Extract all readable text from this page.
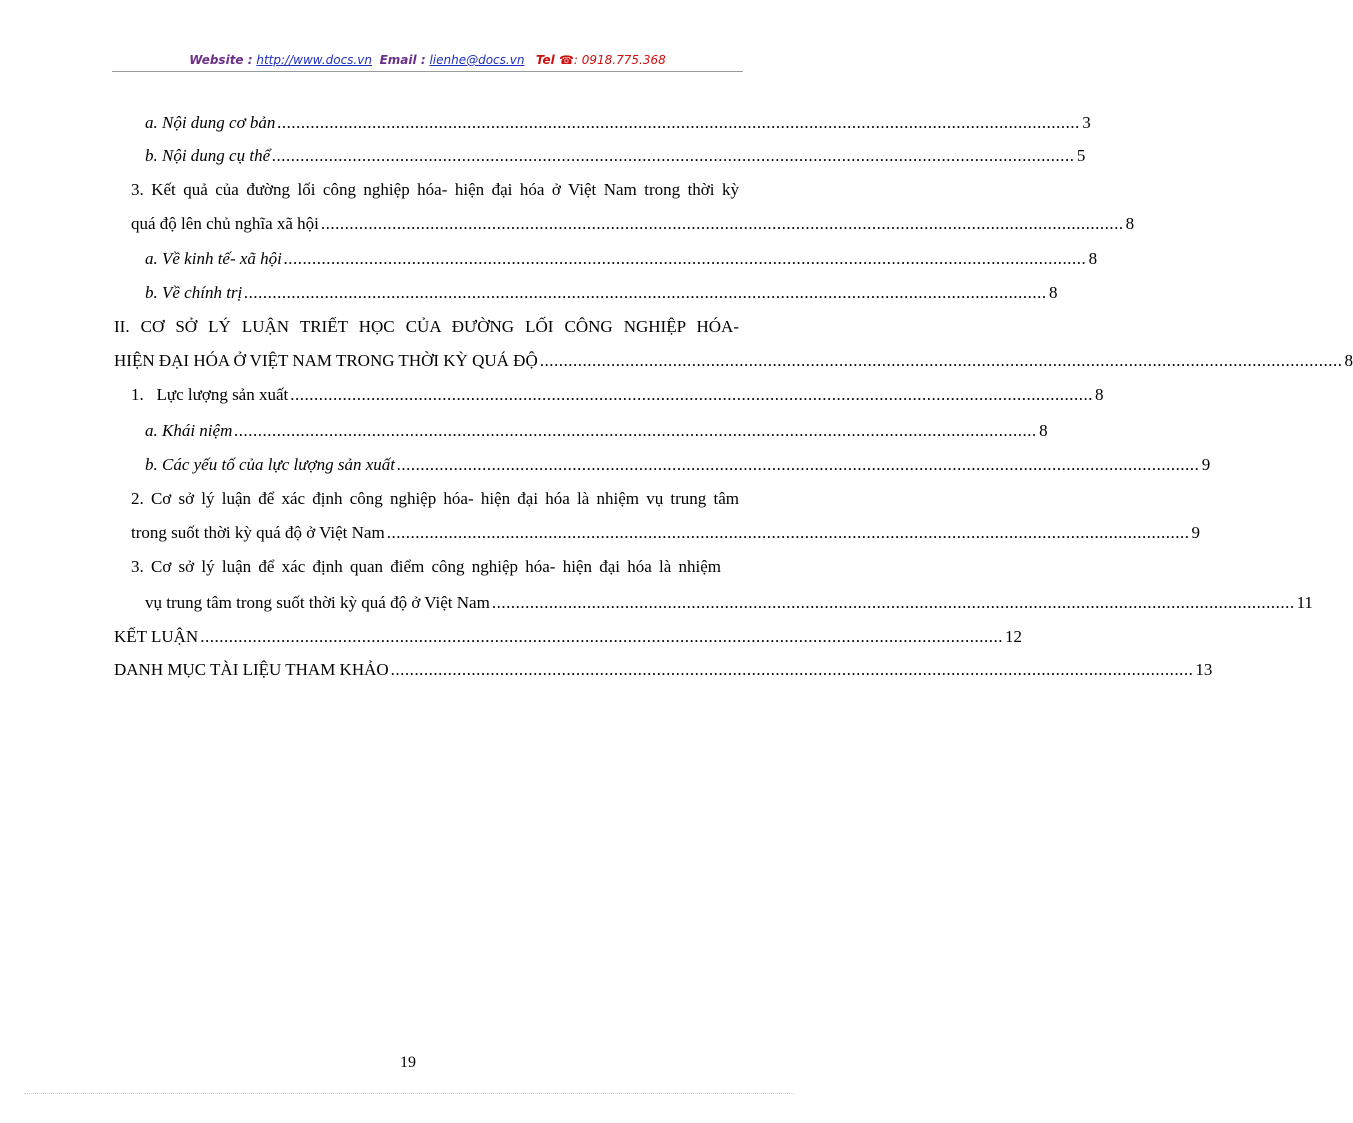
Website : http://www.docs.vn Email : lienhe@docs.vn Tel ☎: 0918.775.368
a. Nội dung cơ bản ......................................................................................................................................................................... 3
b. Nội dung cụ thể ......................................................................................................................................................................... 5
3. Kết quả của đường lối công nghiệp hóa- hiện đại hóa ở Việt Nam trong thời kỳ
quá độ lên chủ nghĩa xã hội ......................................................................................................................................................................... 8
a. Về kinh tế- xã hội ......................................................................................................................................................................... 8
b. Về chính trị ......................................................................................................................................................................... 8
II. CƠ SỞ LÝ LUẬN TRIẾT HỌC CỦA ĐƯỜNG LỐI CÔNG NGHIỆP HÓA-
HIỆN ĐẠI HÓA Ở VIỆT NAM TRONG THỜI KỲ QUÁ ĐỘ ......................................................................................................................................................................... 8
1.   Lực lượng sản xuất ......................................................................................................................................................................... 8
a. Khái niệm ......................................................................................................................................................................... 8
b. Các yếu tố của lực lượng sản xuất ......................................................................................................................................................................... 9
2. Cơ sở lý luận để xác định công nghiệp hóa- hiện đại hóa là nhiệm vụ trung tâm
trong suốt thời kỳ quá độ ở Việt Nam ......................................................................................................................................................................... 9
3. Cơ sở lý luận để xác định quan điểm công nghiệp hóa- hiện đại hóa là nhiệm
vụ trung tâm trong suốt thời kỳ quá độ ở Việt Nam ......................................................................................................................................................................... 11
KẾT LUẬN ......................................................................................................................................................................... 12
DANH MỤC TÀI LIỆU THAM KHẢO ......................................................................................................................................................................... 13
19
